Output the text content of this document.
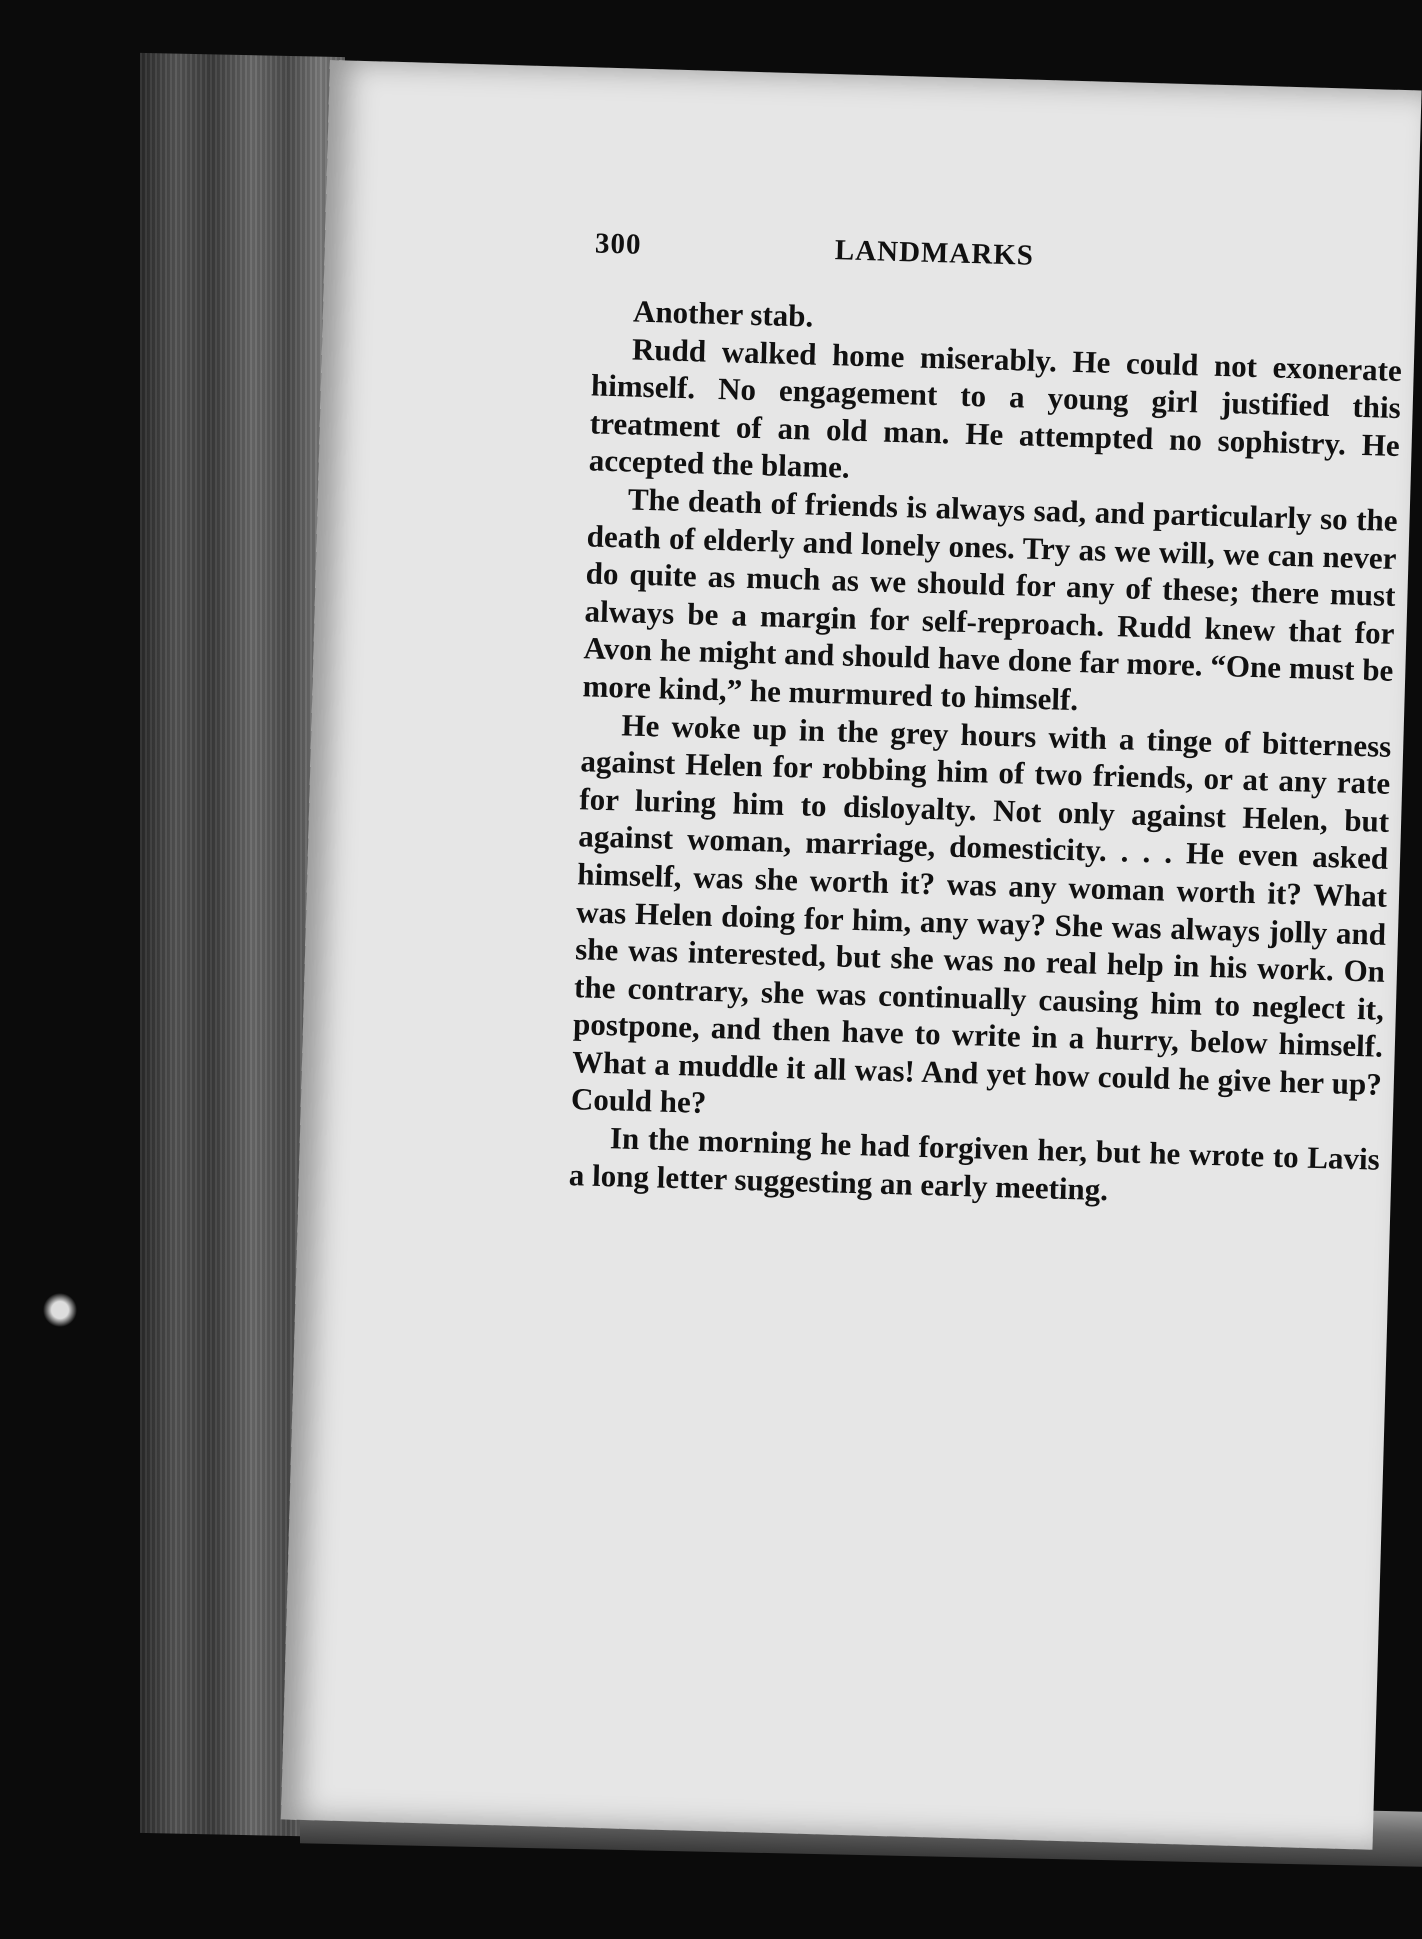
300	LANDMARKS

Another stab.

Rudd walked home miserably. He could not exonerate himself. No engagement to a young girl justified this treatment of an old man. He attempted no sophistry. He accepted the blame.

The death of friends is always sad, and particularly so the death of elderly and lonely ones. Try as we will, we can never do quite as much as we should for any of these; there must always be a margin for self-reproach. Rudd knew that for Avon he might and should have done far more. “One must be more kind,” he murmured to himself.

He woke up in the grey hours with a tinge of bitterness against Helen for robbing him of two friends, or at any rate for luring him to disloyalty. Not only against Helen, but against woman, marriage, domesticity. . . . He even asked himself, was she worth it? was any woman worth it? What was Helen doing for him, any way? She was always jolly and she was interested, but she was no real help in his work. On the contrary, she was continually causing him to neglect it, postpone, and then have to write in a hurry, below himself. What a muddle it all was! And yet how could he give her up? Could he?

In the morning he had forgiven her, but he wrote to Lavis a long letter suggesting an early meeting.
